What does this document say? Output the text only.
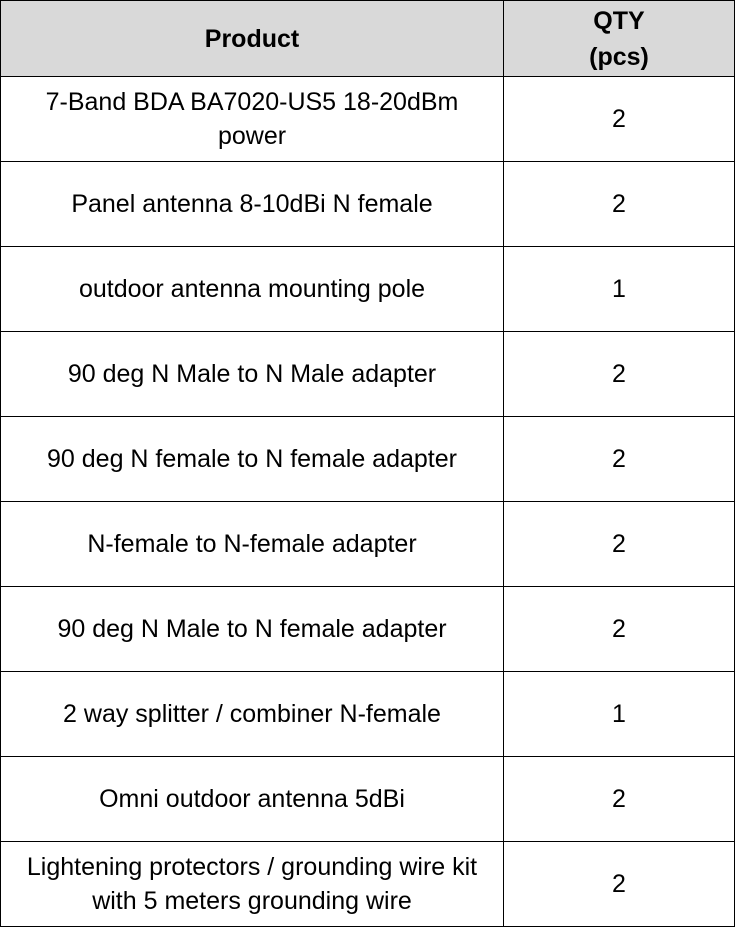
Product	QTY
(pcs)

7-Band BDA BA7020-US5 18-20dBm power	2
Panel antenna 8-10dBi N female	2
outdoor antenna mounting pole	1
90 deg N Male to N Male adapter	2
90 deg N female to N female adapter	2
N-female to N-female adapter	2
90 deg N Male to N female adapter	2
2 way splitter / combiner N-female	1
Omni outdoor antenna 5dBi	2
Lightening protectors / grounding wire kit with 5 meters grounding wire	2
